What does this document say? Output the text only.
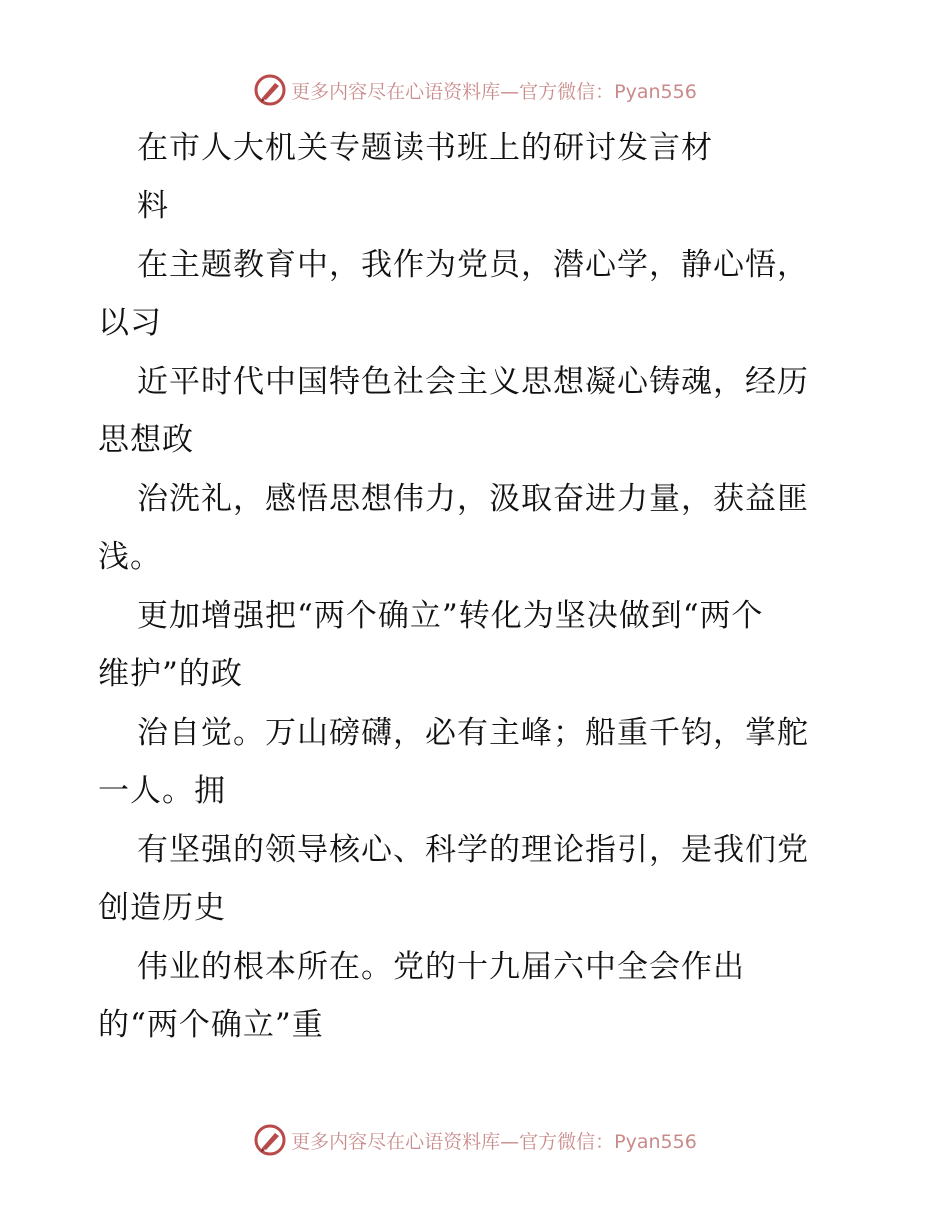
更多内容尽在心语资料库—官方微信：Pyan556
在市人大机关专题读书班上的研讨发言材
料
在主题教育中，我作为党员，潜心学，静心悟，
以习
近平时代中国特色社会主义思想凝心铸魂，经历
思想政
治洗礼，感悟思想伟力，汲取奋进力量，获益匪
浅。
更加增强把“两个确立”转化为坚决做到“两个
维护”的政
治自觉。万山磅礴，必有主峰；船重千钧，掌舵
一人。拥
有坚强的领导核心、科学的理论指引，是我们党
创造历史
伟业的根本所在。党的十九届六中全会作出
的“两个确立”重
更多内容尽在心语资料库—官方微信：Pyan556
